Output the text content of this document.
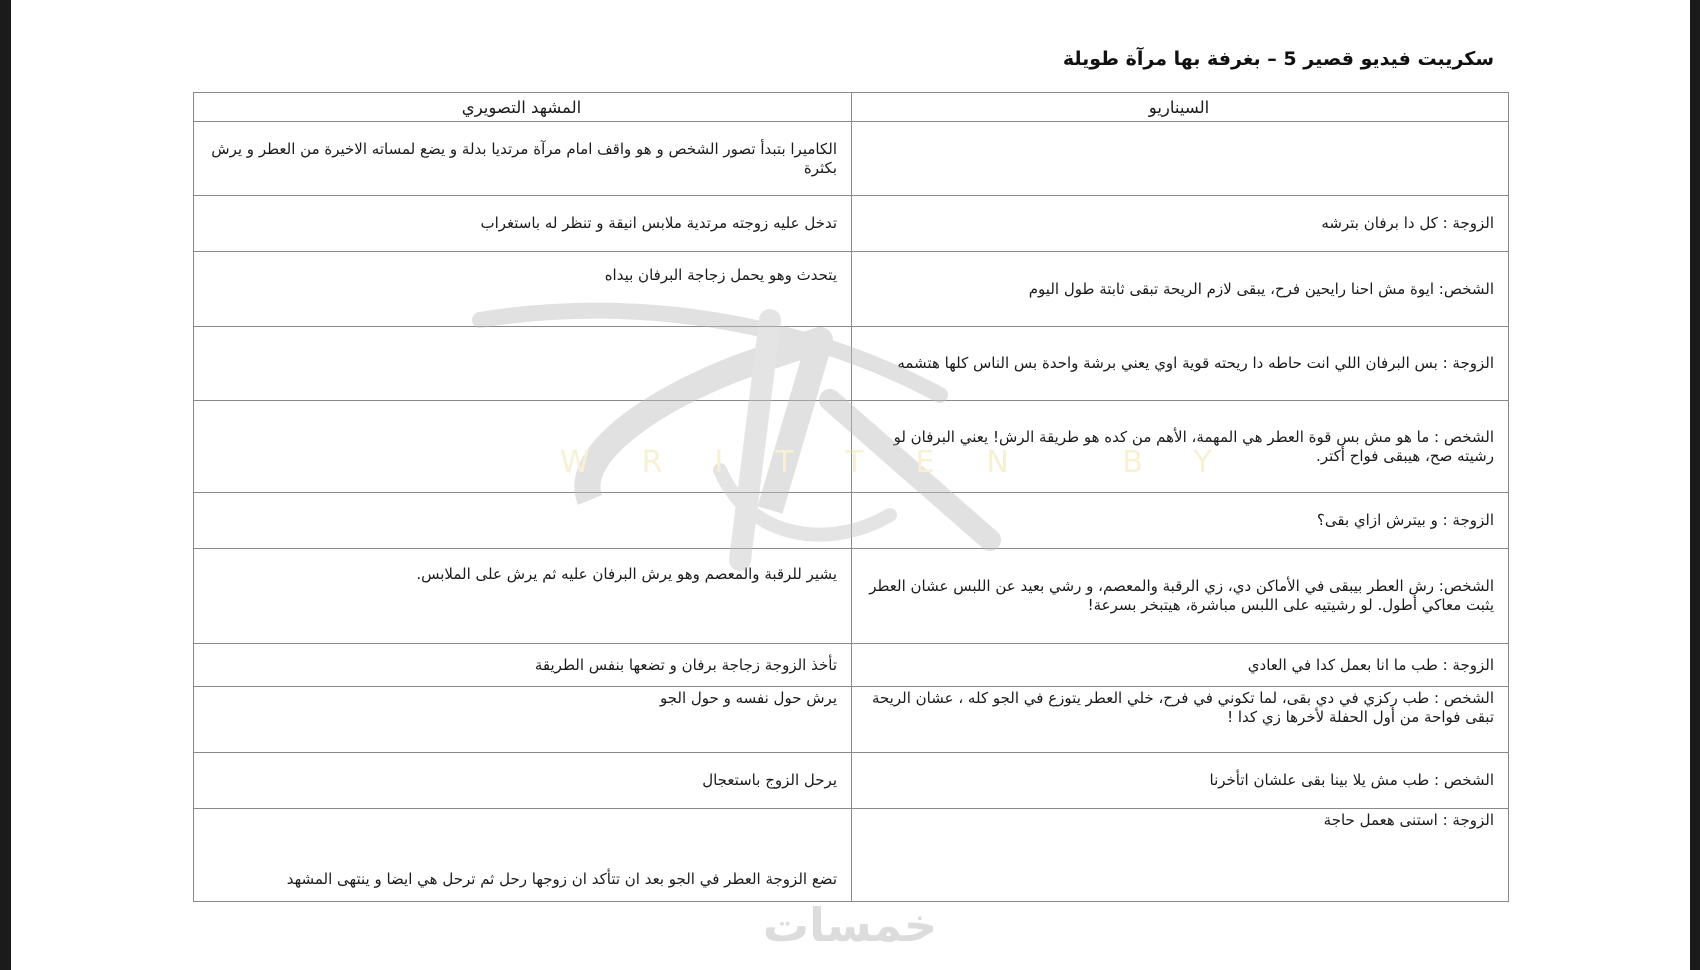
سكريبت فيديو قصير 5 – بغرفة بها مرآة طويلة
السيناريو	المشهد التصويري
	الكاميرا بتبدأ تصور الشخص و هو واقف امام مرآة مرتديا بدلة و يضع لمساته الاخيرة من العطر و يرش بكثرة
الزوجة : كل دا برفان بترشه	تدخل عليه زوجته مرتدية ملابس انيقة و تنظر له باستغراب
الشخص: ايوة مش احنا رايحين فرح، يبقى لازم الريحة تبقى ثابتة طول اليوم	يتحدث وهو يحمل زجاجة البرفان بيداه
الزوجة : بس البرفان اللي انت حاطه دا ريحته قوية اوي يعني برشة واحدة بس الناس كلها هتشمه	
الشخص : ما هو مش بس قوة العطر هي المهمة، الأهم من كده هو طريقة الرش! يعني البرفان لو رشيته صح، هيبقى فواح أكتر.	
الزوجة : و بيترش ازاي بقى؟	
الشخص: رش العطر بيبقى في الأماكن دي، زي الرقبة والمعصم، و رشي بعيد عن اللبس عشان العطر يثبت معاكي أطول. لو رشيتيه على اللبس مباشرة، هيتبخر بسرعة!	يشير للرقبة والمعصم وهو يرش البرفان عليه ثم يرش على الملابس.
الزوجة : طب ما انا بعمل كدا في العادي	تأخذ الزوجة زجاجة برفان و تضعها بنفس الطريقة
الشخص : طب ركزي في دي بقى، لما تكوني في فرح، خلي العطر يتوزع في الجو كله ، عشان الريحة تبقى فواحة من أول الحفلة لأخرها زي كدا !	يرش حول نفسه و حول الجو
الشخص : طب مش يلا بينا بقى علشان اتأخرنا	يرحل الزوج باستعجال
الزوجة : استنى هعمل حاجة	تضع الزوجة العطر في الجو بعد ان تتأكد ان زوجها رحل ثم ترحل هي ايضا و ينتهى المشهد
WRITTEN BY
خمسات
